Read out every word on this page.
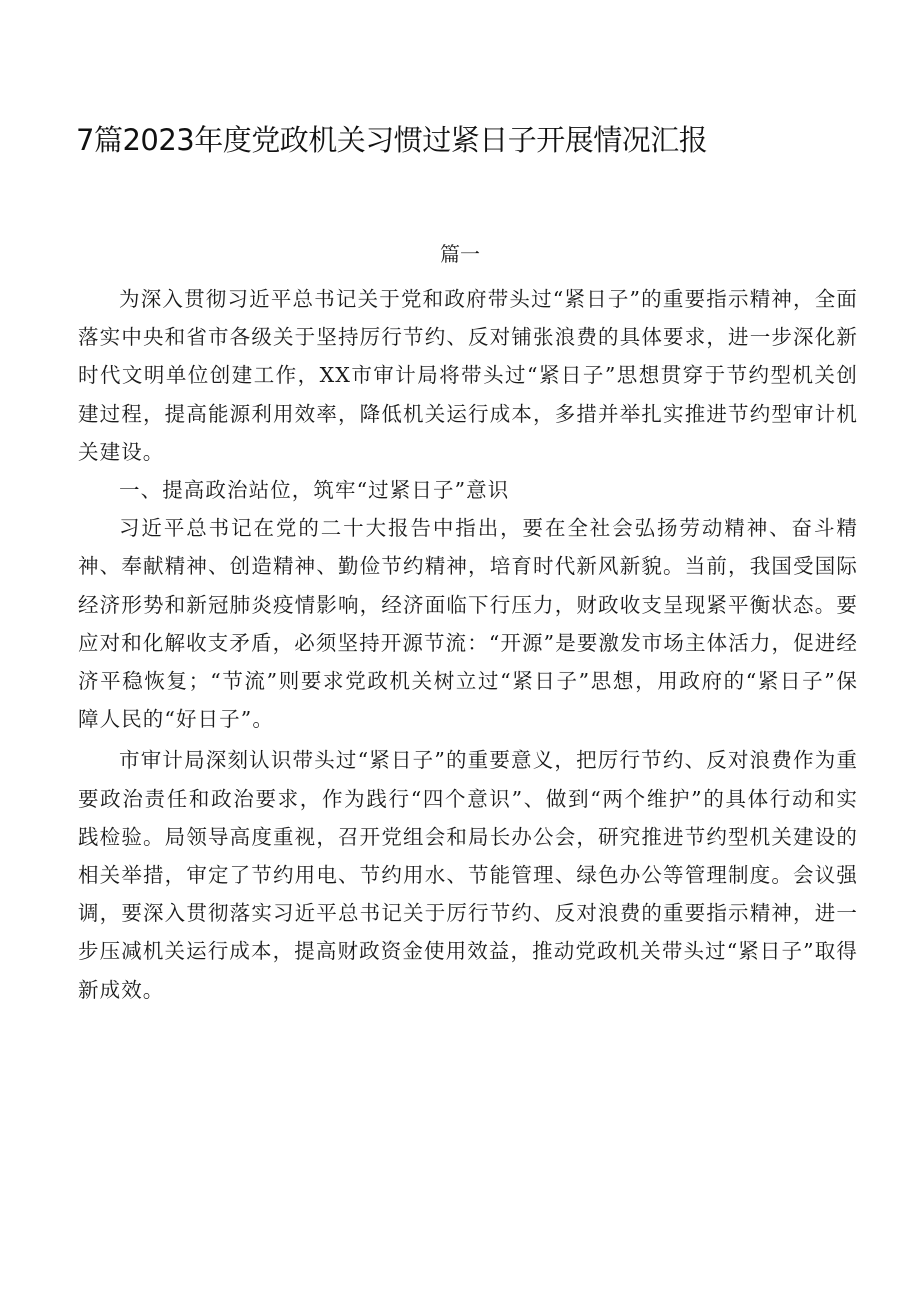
7篇2023年度党政机关习惯过紧日子开展情况汇报

篇一

为深入贯彻习近平总书记关于党和政府带头过“紧日子”的重要指示精神，全面落实中央和省市各级关于坚持厉行节约、反对铺张浪费的具体要求，进一步深化新时代文明单位创建工作，XX市审计局将带头过“紧日子”思想贯穿于节约型机关创建过程，提高能源利用效率，降低机关运行成本，多措并举扎实推进节约型审计机关建设。

一、提高政治站位，筑牢“过紧日子”意识

习近平总书记在党的二十大报告中指出，要在全社会弘扬劳动精神、奋斗精神、奉献精神、创造精神、勤俭节约精神，培育时代新风新貌。当前，我国受国际经济形势和新冠肺炎疫情影响，经济面临下行压力，财政收支呈现紧平衡状态。要应对和化解收支矛盾，必须坚持开源节流：“开源”是要激发市场主体活力，促进经济平稳恢复；“节流”则要求党政机关树立过“紧日子”思想，用政府的“紧日子”保障人民的“好日子”。

市审计局深刻认识带头过“紧日子”的重要意义，把厉行节约、反对浪费作为重要政治责任和政治要求，作为践行“四个意识”、做到“两个维护”的具体行动和实践检验。局领导高度重视，召开党组会和局长办公会，研究推进节约型机关建设的相关举措，审定了节约用电、节约用水、节能管理、绿色办公等管理制度。会议强调，要深入贯彻落实习近平总书记关于厉行节约、反对浪费的重要指示精神，进一步压减机关运行成本，提高财政资金使用效益，推动党政机关带头过“紧日子”取得新成效。
